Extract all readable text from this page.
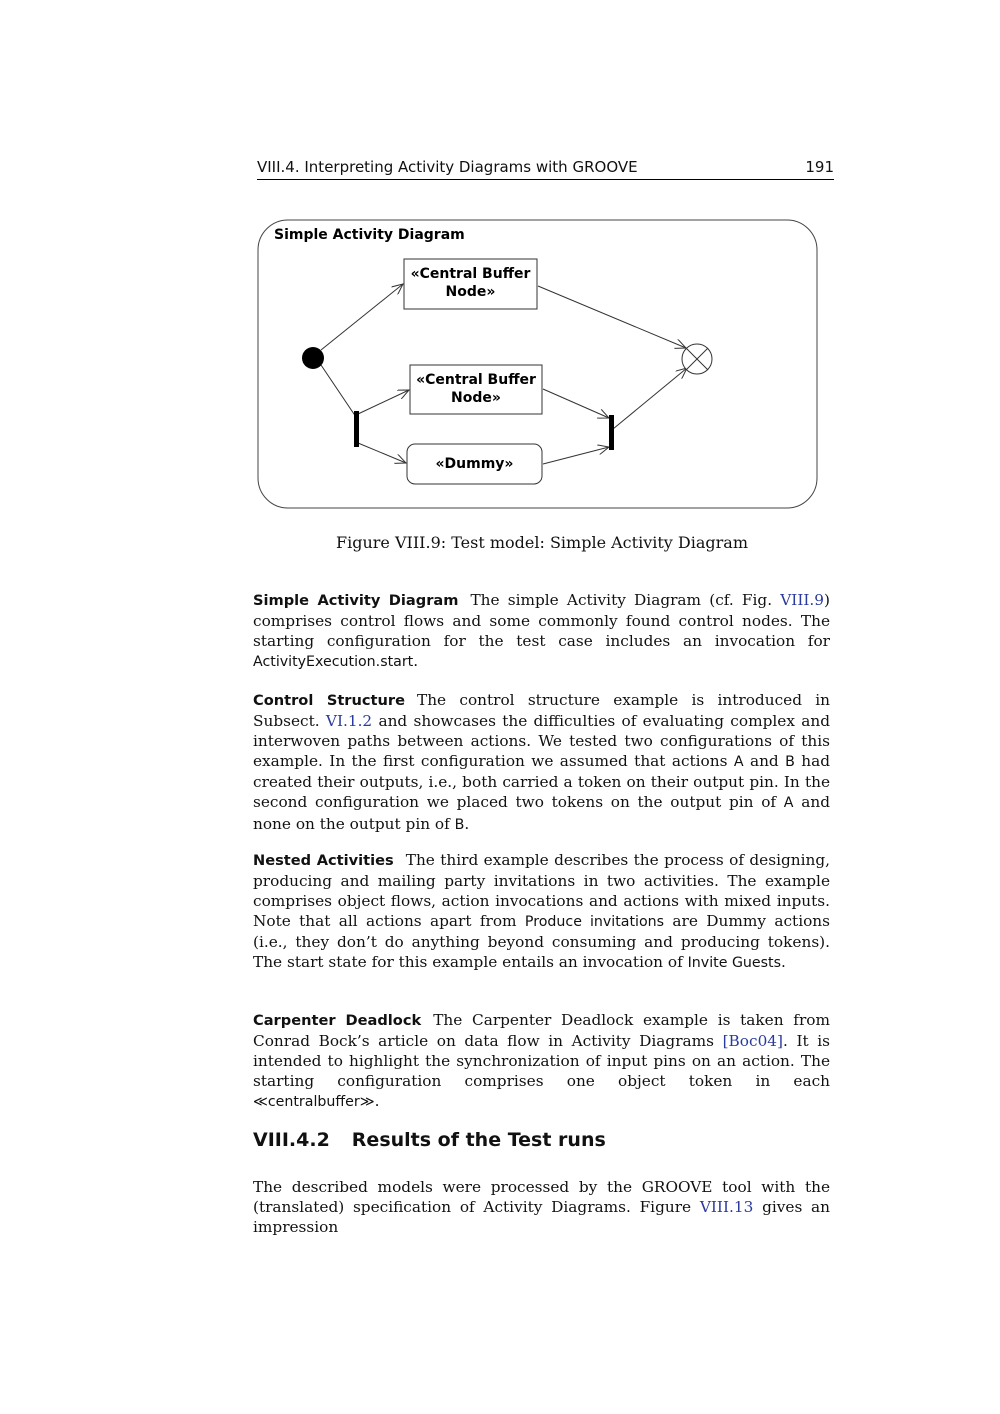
VIII.4. Interpreting Activity Diagrams with GROOVE	191
Simple Activity Diagram
«Central Buffer
Node»
«Central Buffer
Node»
«Dummy»
Figure VIII.9: Test model: Simple Activity Diagram

Simple Activity Diagram The simple Activity Diagram (cf. Fig. VIII.9) comprises control flows and some commonly found control nodes. The starting configuration for the test case includes an invocation for ActivityExecution.start.

Control Structure The control structure example is introduced in Subsect. VI.1.2 and showcases the difficulties of evaluating complex and interwoven paths between actions. We tested two configurations of this example. In the first configuration we assumed that actions A and B had created their outputs, i.e., both carried a token on their output pin. In the second configuration we placed two tokens on the output pin of A and none on the output pin of B.

Nested Activities The third example describes the process of designing, producing and mailing party invitations in two activities. The example comprises object flows, action invocations and actions with mixed inputs. Note that all actions apart from Produce invitations are Dummy actions (i.e., they don’t do anything beyond consuming and producing tokens). The start state for this example entails an invocation of Invite Guests.

Carpenter Deadlock The Carpenter Deadlock example is taken from Conrad Bock’s article on data flow in Activity Diagrams [Boc04]. It is intended to highlight the synchronization of input pins on an action. The starting configuration comprises one object token in each ≪centralbuffer≫.

VIII.4.2 Results of the Test runs

The described models were processed by the GROOVE tool with the (translated) specification of Activity Diagrams. Figure VIII.13 gives an impression
